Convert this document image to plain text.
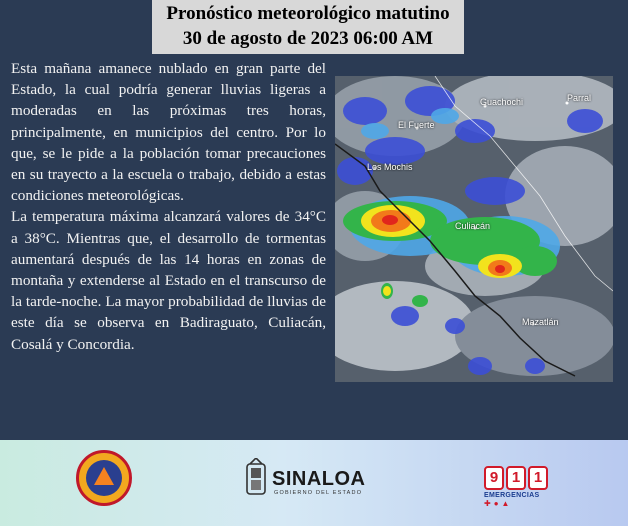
Pronóstico meteorológico matutino
30 de agosto de 2023 06:00 AM

Esta mañana amanece nublado en gran parte del Estado, la cual podría generar lluvias ligeras a moderadas en las próximas tres horas, principalmente, en municipios del centro. Por lo que, se le pide a la población tomar precauciones en su trayecto a la escuela o trabajo, debido a estas condiciones meteorológicas.

La temperatura máxima alcanzará valores de 34°C a 38°C. Mientras que, el desarrollo de tormentas aumentará después de las 14 horas en zonas de montaña y extenderse al Estado en el transcurso de la tarde-noche. La mayor probabilidad de lluvias de este día se observa en Badiraguato, Culiacán, Cosalá y Concordia.

Guachochi	Parral
El Fuerte
Los Mochis
Culiacán
Mazatlán
SINALOA
GOBIERNO DEL ESTADO
9 1 1
EMERGENCIAS
✚●▲
